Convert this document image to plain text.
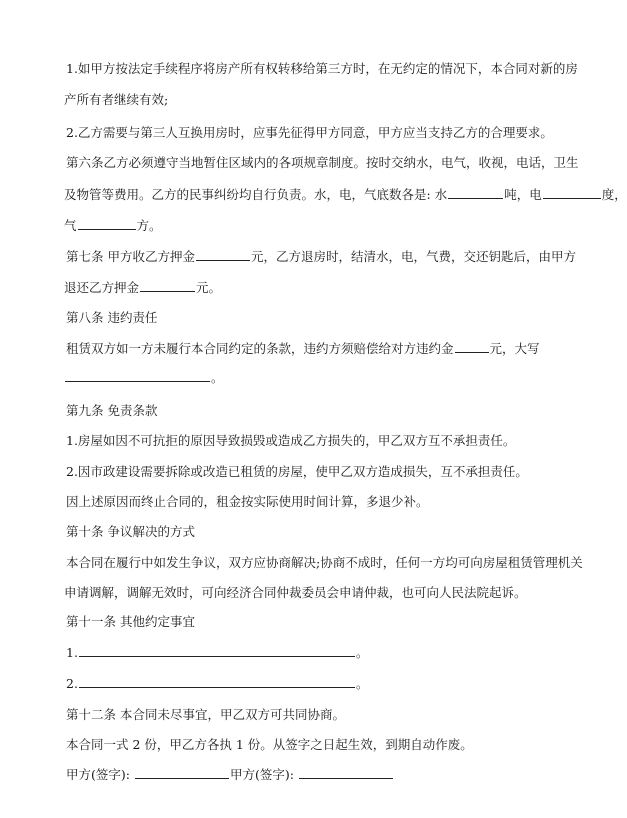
1.如甲方按法定手续程序将房产所有权转移给第三方时，在无约定的情况下，本合同对新的房

产所有者继续有效;

2.乙方需要与第三人互换用房时，应事先征得甲方同意，甲方应当支持乙方的合理要求。

第六条乙方必须遵守当地暂住区域内的各项规章制度。按时交纳水，电气，收视，电话，卫生

及物管等费用。乙方的民事纠纷均自行负责。水，电，气底数各是: 水	吨，电	度，

气	方。

第七条 甲方收乙方押金	元，乙方退房时，结清水，电，气费，交还钥匙后，由甲方

退还乙方押金	元。

第八条 违约责任

租赁双方如一方未履行本合同约定的条款，违约方须赔偿给对方违约金	元，大写

。

第九条 免责条款

1.房屋如因不可抗拒的原因导致损毁或造成乙方损失的，甲乙双方互不承担责任。

2.因市政建设需要拆除或改造已租赁的房屋，使甲乙双方造成损失，互不承担责任。

因上述原因而终止合同的，租金按实际使用时间计算，多退少补。

第十条 争议解决的方式

本合同在履行中如发生争议，双方应协商解决;协商不成时，任何一方均可向房屋租赁管理机关

申请调解，调解无效时，可向经济合同仲裁委员会申请仲裁，也可向人民法院起诉。

第十一条 其他约定事宜

1.	。

2.	。

第十二条 本合同未尽事宜，甲乙双方可共同协商。

本合同一式 2 份，甲乙方各执 1 份。从签字之日起生效，到期自动作废。

甲方(签字):	甲方(签字):
